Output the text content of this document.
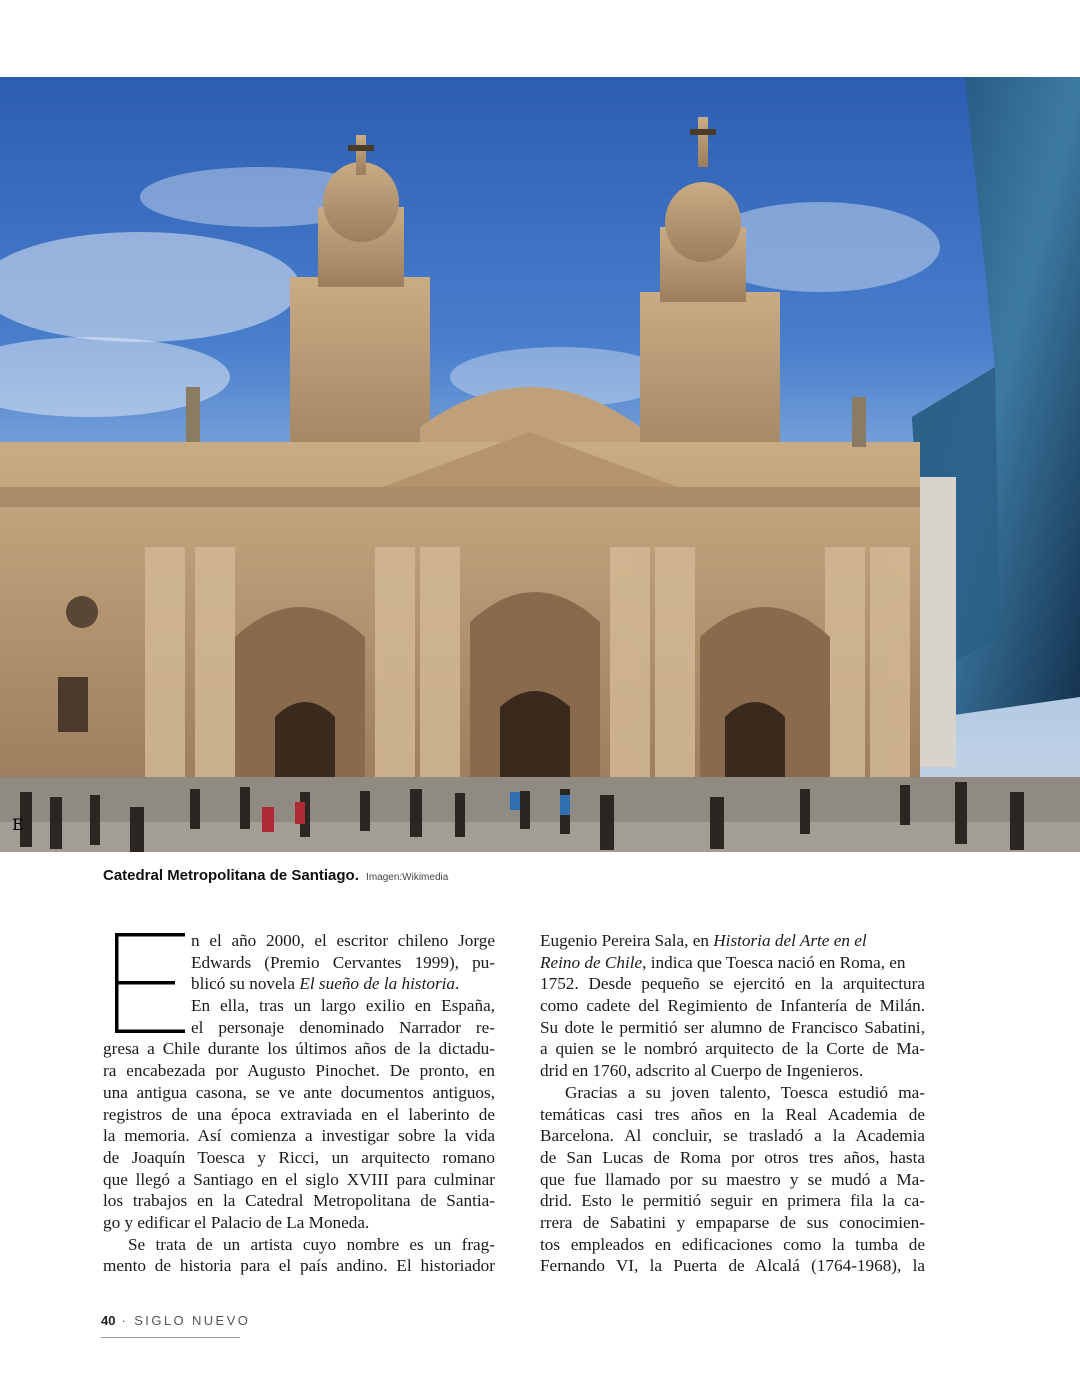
Catedral Metropolitana de Santiago. Imagen:Wikimedia
E
n el año 2000, el escritor chileno Jorge
Edwards (Premio Cervantes 1999), pu-
blicó su novela El sueño de la historia.
En ella, tras un largo exilio en España,
el personaje denominado Narrador re-
gresa a Chile durante los últimos años de la dictadu-
ra encabezada por Augusto Pinochet. De pronto, en
una antigua casona, se ve ante documentos antiguos,
registros de una época extraviada en el laberinto de
la memoria. Así comienza a investigar sobre la vida
de Joaquín Toesca y Ricci, un arquitecto romano
que llegó a Santiago en el siglo XVIII para culminar
los trabajos en la Catedral Metropolitana de Santia-
go y edificar el Palacio de La Moneda.
Se trata de un artista cuyo nombre es un frag-
mento de historia para el país andino. El historiador
Eugenio Pereira Sala, en Historia del Arte en el
Reino de Chile, indica que Toesca nació en Roma, en
1752. Desde pequeño se ejercitó en la arquitectura
como cadete del Regimiento de Infantería de Milán.
Su dote le permitió ser alumno de Francisco Sabatini,
a quien se le nombró arquitecto de la Corte de Ma-
drid en 1760, adscrito al Cuerpo de Ingenieros.
Gracias a su joven talento, Toesca estudió ma-
temáticas casi tres años en la Real Academia de
Barcelona. Al concluir, se trasladó a la Academia
de San Lucas de Roma por otros tres años, hasta
que fue llamado por su maestro y se mudó a Ma-
drid. Esto le permitió seguir en primera fila la ca-
rrera de Sabatini y empaparse de sus conocimien-
tos empleados en edificaciones como la tumba de
Fernando VI, la Puerta de Alcalá (1764-1968), la
40 · SIGLO NUEVO
